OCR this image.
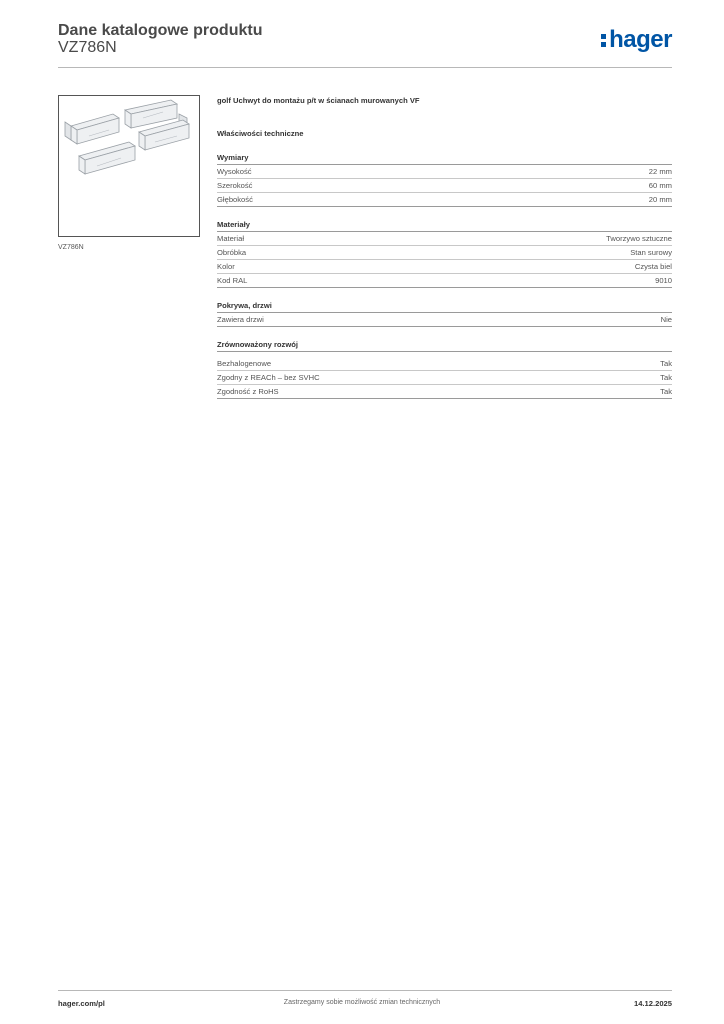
Dane katalogowe produktu
VZ786N	hager
VZ786N
golf Uchwyt do montażu p/t w ścianach murowanych VF
Właściwości techniczne
Wymiary
Wysokość	22 mm
Szerokość	60 mm
Głębokość	20 mm
Materiały
Materiał	Tworzywo sztuczne
Obróbka	Stan surowy
Kolor	Czysta biel
Kod RAL	9010
Pokrywa, drzwi
Zawiera drzwi	Nie
Zrównoważony rozwój
Bezhalogenowe	Tak
Zgodny z REACh – bez SVHC	Tak
Zgodność z RoHS	Tak
hager.com/pl	Zastrzegamy sobie możliwość zmian technicznych	14.12.2025
